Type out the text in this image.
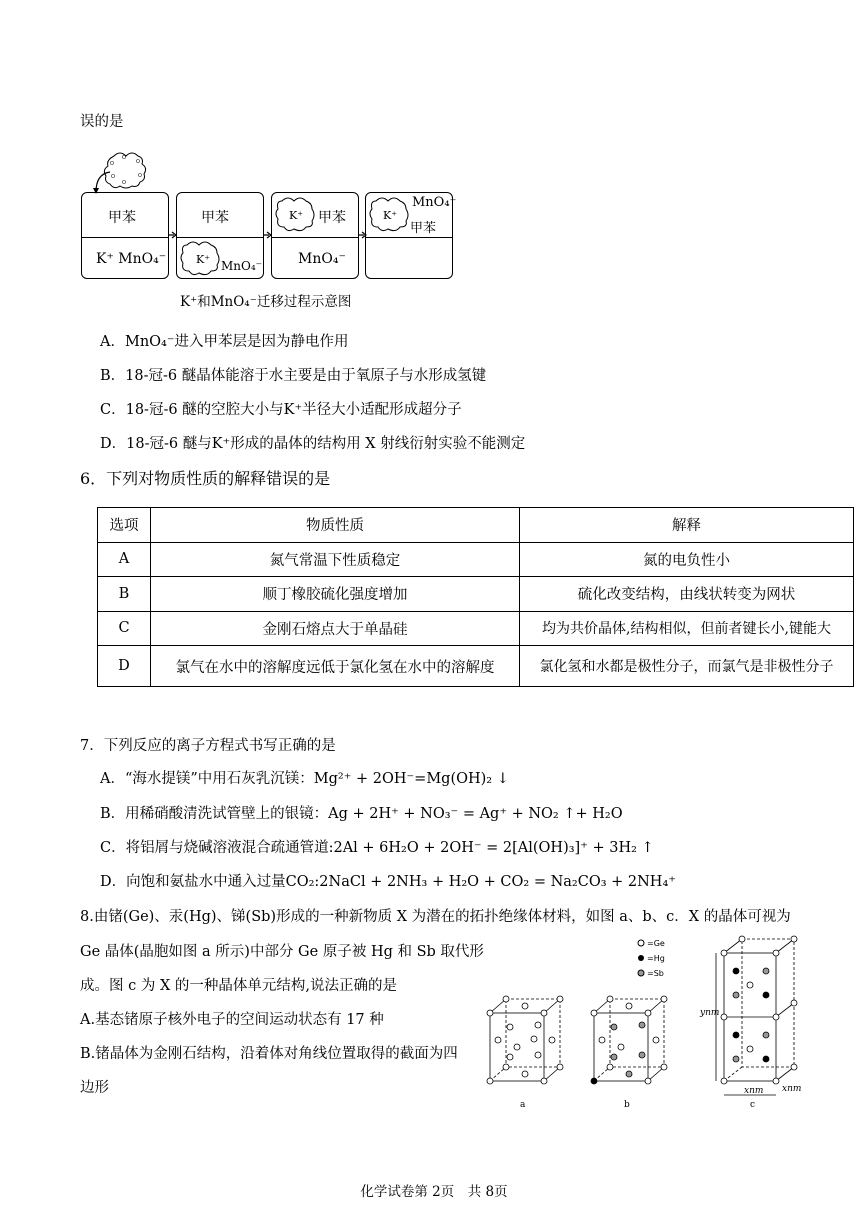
误的是
O
O
O
O
O
O
甲苯
K⁺ MnO₄⁻
甲苯
K⁺ MnO₄⁻
K⁺ 甲苯
MnO₄⁻
K⁺
MnO₄⁻
甲苯
K⁺和MnO₄⁻迁移过程示意图
A．MnO₄⁻进入甲苯层是因为静电作用
B．18-冠-6 醚晶体能溶于水主要是由于氧原子与水形成氢键
C．18-冠-6 醚的空腔大小与K⁺半径大小适配形成超分子
D．18-冠-6 醚与K⁺形成的晶体的结构用 X 射线衍射实验不能测定
6．下列对物质性质的解释错误的是
选项	物质性质	解释
A	氮气常温下性质稳定	氮的电负性小
B	顺丁橡胶硫化强度增加	硫化改变结构，由线状转变为网状
C	金刚石熔点大于单晶硅	均为共价晶体,结构相似，但前者键长小,键能大
D	氯气在水中的溶解度远低于氯化氢在水中的溶解度	氯化氢和水都是极性分子，而氯气是非极性分子
7．下列反应的离子方程式书写正确的是
A．“海水提镁”中用石灰乳沉镁：Mg²⁺ + 2OH⁻=Mg(OH)₂ ↓
B．用稀硝酸清洗试管壁上的银镜：Ag + 2H⁺ + NO₃⁻ = Ag⁺ + NO₂ ↑+ H₂O
C．将铝屑与烧碱溶液混合疏通管道:2Al + 6H₂O + 2OH⁻ = 2[Al(OH)₃]⁺ + 3H₂ ↑
D．向饱和氨盐水中通入过量CO₂:2NaCl + 2NH₃ + H₂O + CO₂ = Na₂CO₃ + 2NH₄⁺
8.由锗(Ge)、汞(Hg)、锑(Sb)形成的一种新物质 X 为潜在的拓扑绝缘体材料，如图 a、b、c．X 的晶体可视为
Ge 晶体(晶胞如图 a 所示)中部分 Ge 原子被 Hg 和 Sb 取代形
成。图 c 为 X 的一种晶体单元结构,说法正确的是
A.基态锗原子核外电子的空间运动状态有 17 种
B.锗晶体为金刚石结构，沿着体对角线位置取得的截面为四
边形
=Ge
=Hg
=Sb
ynm
xnm xnm
a	b	c
化学试卷第 2页　共 8页
